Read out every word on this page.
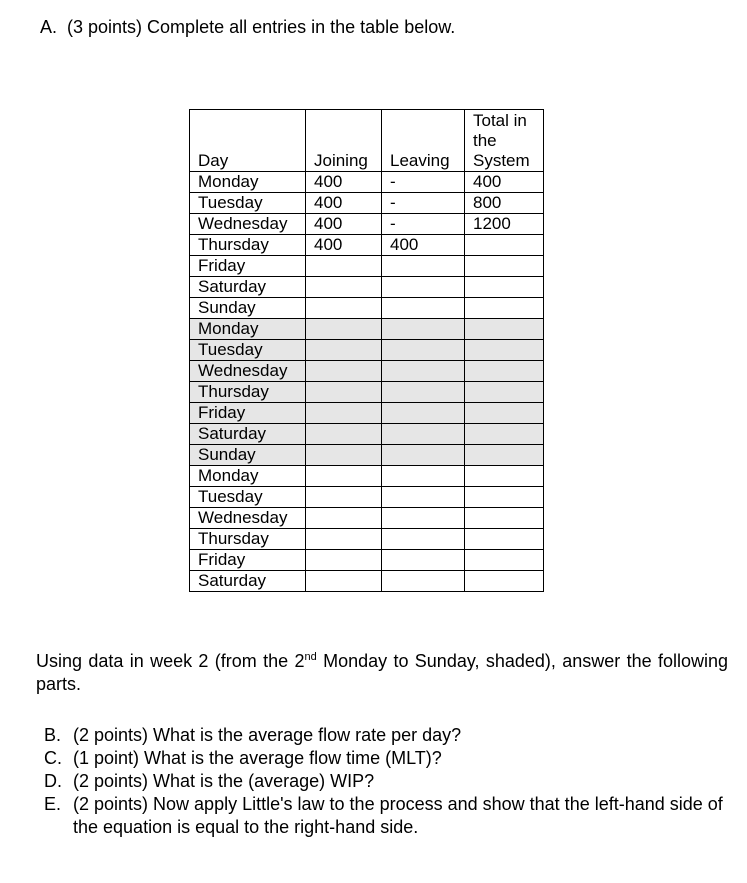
A. (3 points) Complete all entries in the table below.
Day	Joining	Leaving	Total in
the
System
Monday	400	-	400
Tuesday	400	-	800
Wednesday	400	-	1200
Thursday	400	400	
Friday			
Saturday			
Sunday			
Monday			
Tuesday			
Wednesday			
Thursday			
Friday			
Saturday			
Sunday			
Monday			
Tuesday			
Wednesday			
Thursday			
Friday			
Saturday			
Using data in week 2 (from the 2nd Monday to Sunday, shaded), answer the following parts.
B. (2 points) What is the average flow rate per day?
C. (1 point) What is the average flow time (MLT)?
D. (2 points) What is the (average) WIP?
E. (2 points) Now apply Little's law to the process and show that the left-hand side of the equation is equal to the right-hand side.
